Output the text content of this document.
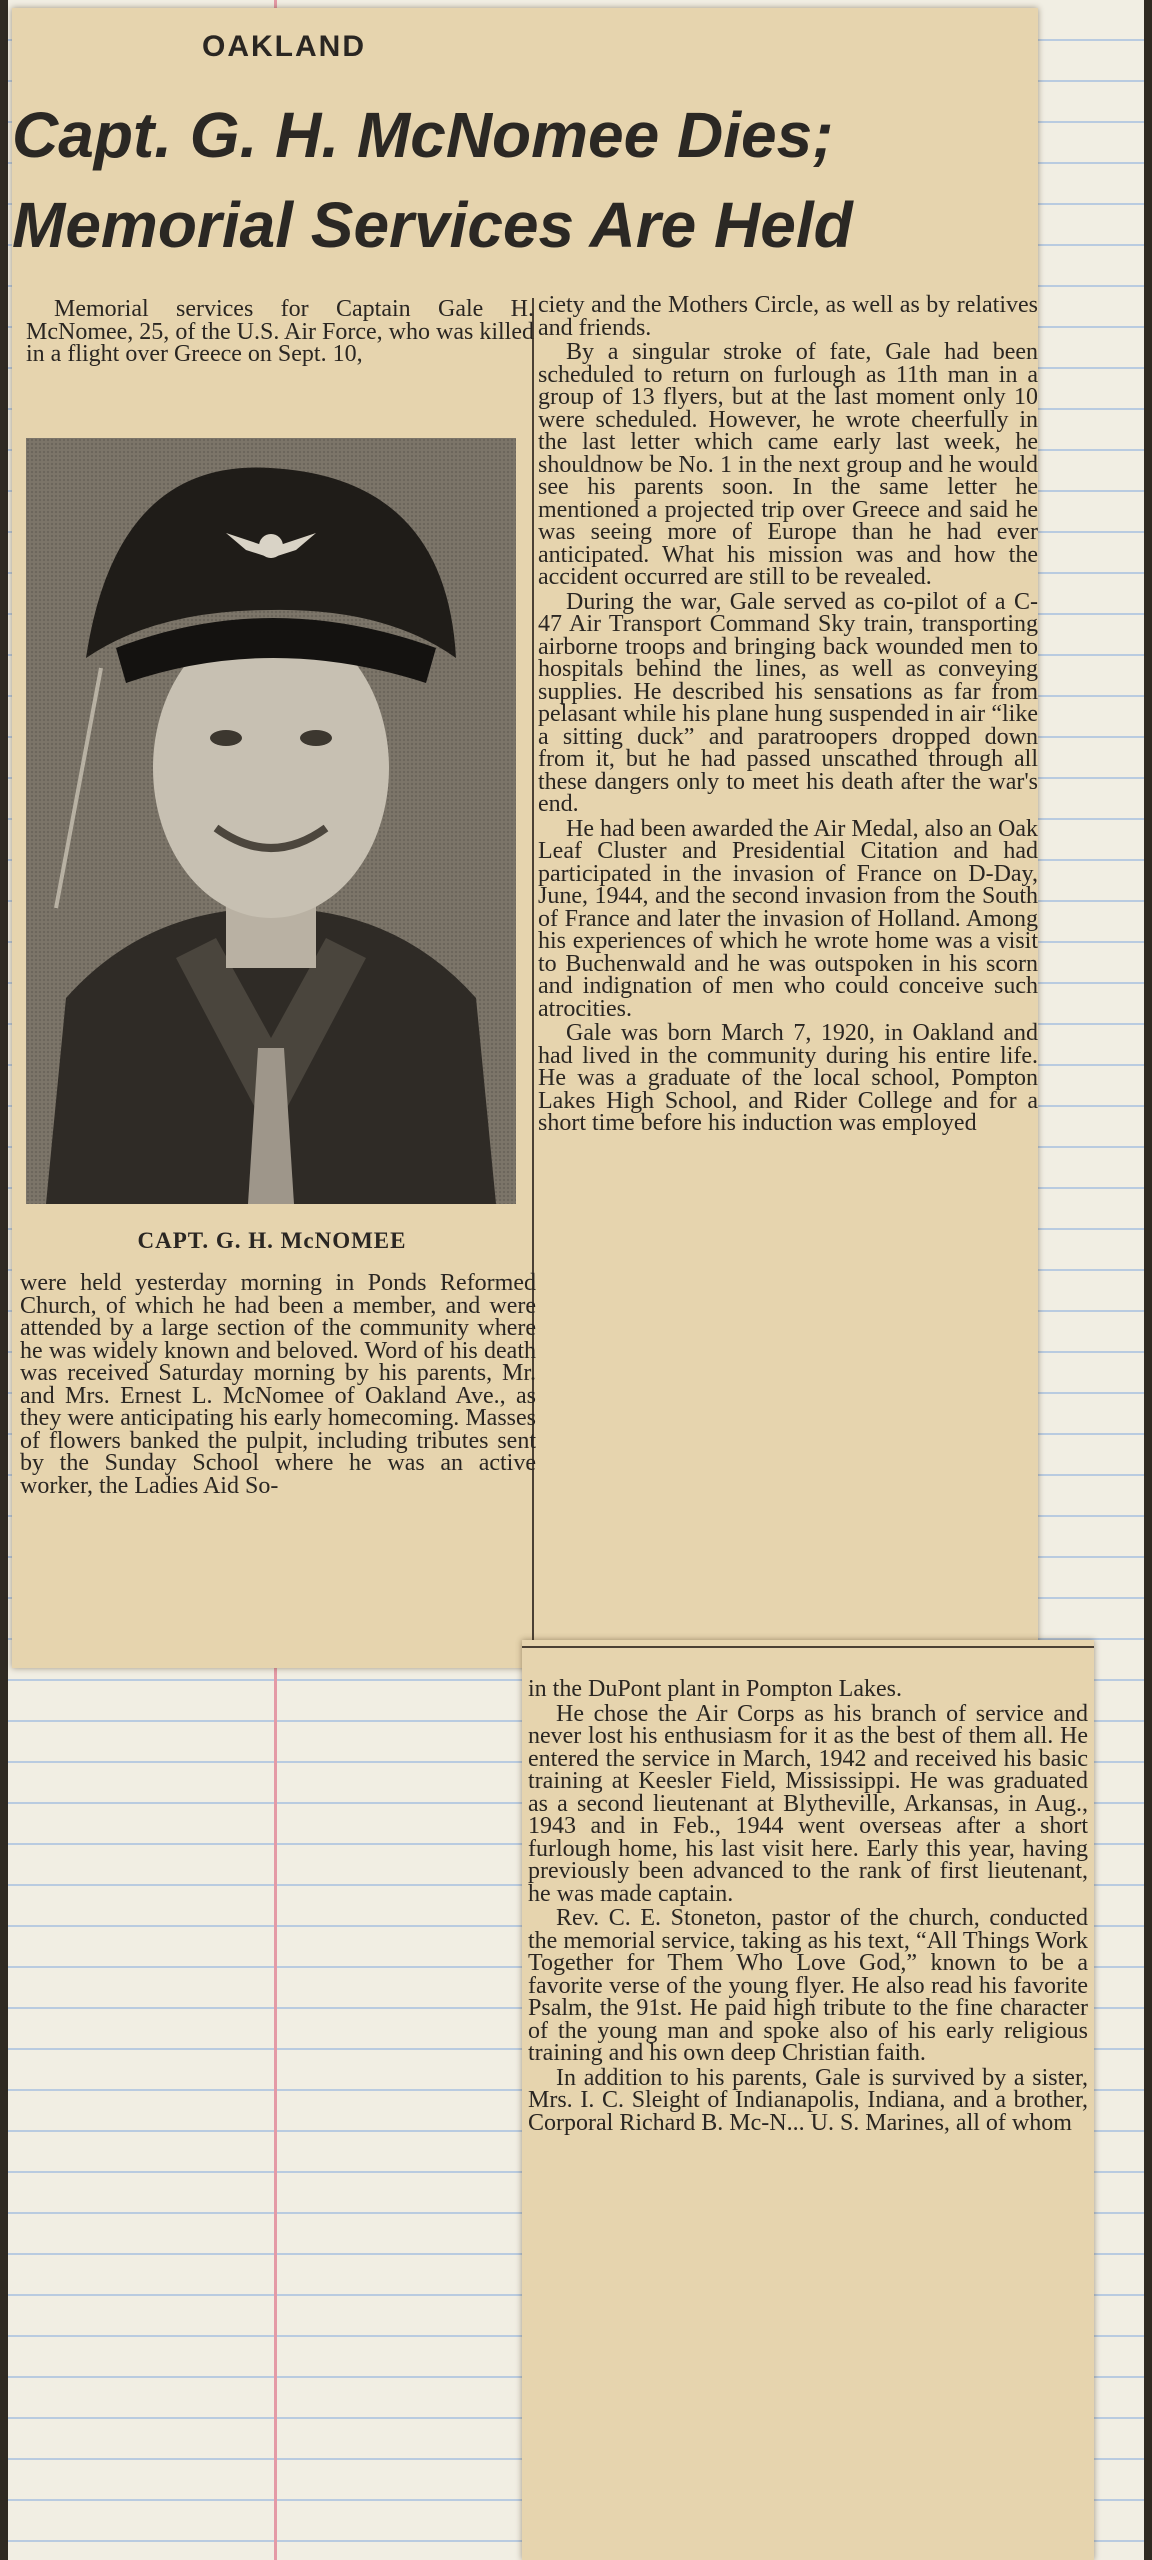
OAKLAND
Capt. G. H. McNomee Dies;
Memorial Services Are Held

Memorial services for Captain Gale H. McNomee, 25, of the U.S. Air Force, who was killed in a flight over Greece on Sept. 10,

CAPT. G. H. McNOMEE

were held yesterday morning in Ponds Reformed Church, of which he had been a member, and were attended by a large section of the community where he was widely known and beloved. Word of his death was received Saturday morning by his parents, Mr. and Mrs. Ernest L. McNomee of Oakland Ave., as they were anticipating his early homecoming. Masses of flowers banked the pulpit, including tributes sent by the Sunday School where he was an active worker, the Ladies Aid So-

ciety and the Mothers Circle, as well as by relatives and friends.

By a singular stroke of fate, Gale had been scheduled to return on furlough as 11th man in a group of 13 flyers, but at the last moment only 10 were scheduled. However, he wrote cheerfully in the last letter which came early last week, he shouldnow be No. 1 in the next group and he would see his parents soon. In the same letter he mentioned a projected trip over Greece and said he was seeing more of Europe than he had ever anticipated. What his mission was and how the accident occurred are still to be revealed.

During the war, Gale served as co-pilot of a C-47 Air Transport Command Sky train, transporting airborne troops and bringing back wounded men to hospitals behind the lines, as well as conveying supplies. He described his sensations as far from pelasant while his plane hung suspended in air “like a sitting duck” and paratroopers dropped down from it, but he had passed unscathed through all these dangers only to meet his death after the war's end.

He had been awarded the Air Medal, also an Oak Leaf Cluster and Presidential Citation and had participated in the invasion of France on D-Day, June, 1944, and the second invasion from the South of France and later the invasion of Holland. Among his experiences of which he wrote home was a visit to Buchenwald and he was outspoken in his scorn and indignation of men who could conceive such atrocities.

Gale was born March 7, 1920, in Oakland and had lived in the community during his entire life. He was a graduate of the local school, Pompton Lakes High School, and Rider College and for a short time before his induction was employed

in the DuPont plant in Pompton Lakes.

He chose the Air Corps as his branch of service and never lost his enthusiasm for it as the best of them all. He entered the service in March, 1942 and received his basic training at Keesler Field, Mississippi. He was graduated as a second lieutenant at Blytheville, Arkansas, in Aug., 1943 and in Feb., 1944 went overseas after a short furlough home, his last visit here. Early this year, having previously been advanced to the rank of first lieutenant, he was made captain.

Rev. C. E. Stoneton, pastor of the church, conducted the memorial service, taking as his text, “All Things Work Together for Them Who Love God,” known to be a favorite verse of the young flyer. He also read his favorite Psalm, the 91st. He paid high tribute to the fine character of the young man and spoke also of his early religious training and his own deep Christian faith.

In addition to his parents, Gale is survived by a sister, Mrs. I. C. Sleight of Indianapolis, Indiana, and a brother, Corporal Richard B. Mc-N... U. S. Marines, all of whom
